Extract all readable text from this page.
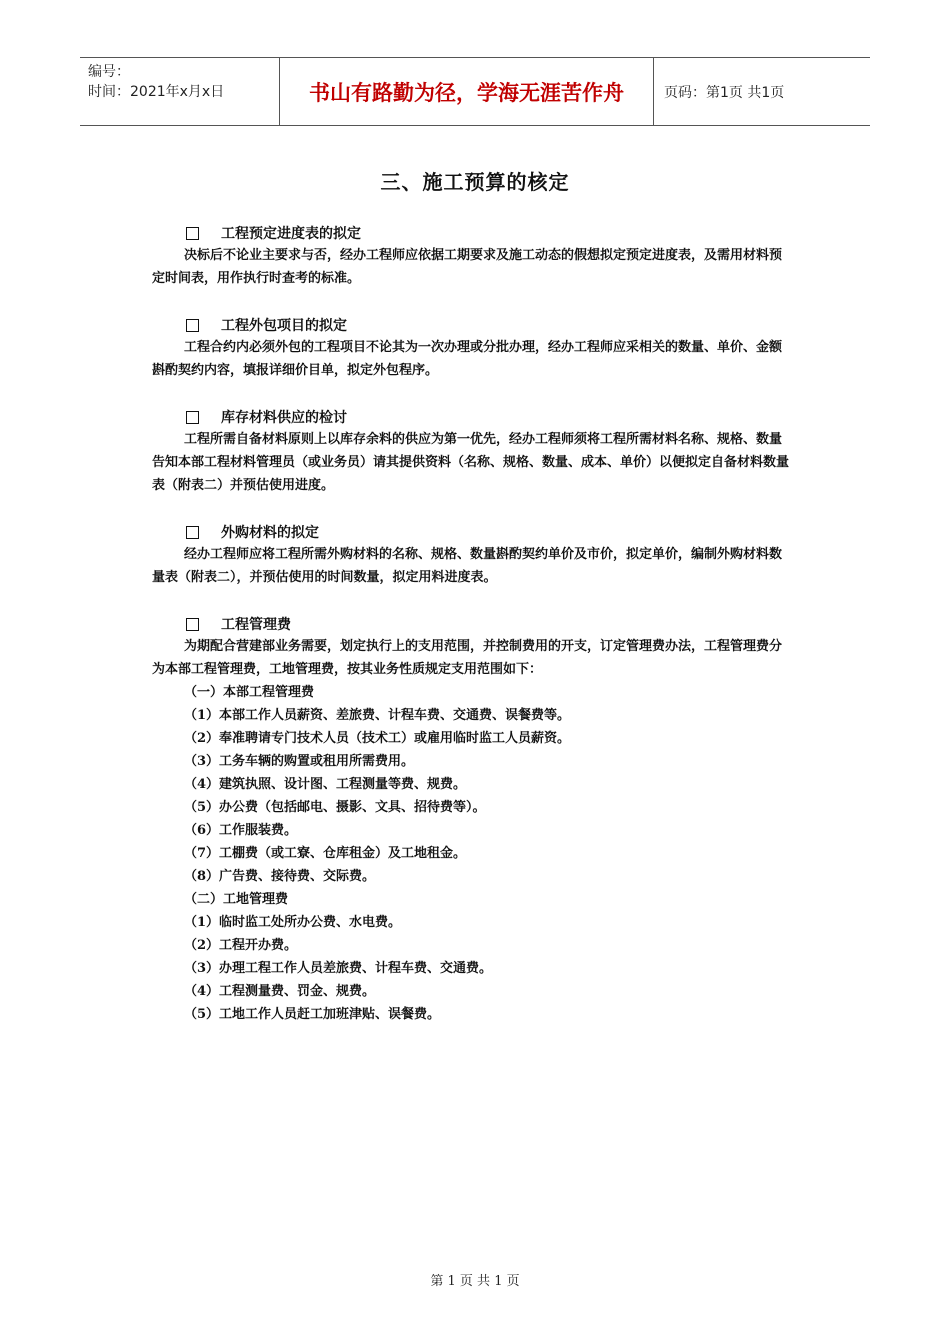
编号：
时间：2021年x月x日	书山有路勤为径，学海无涯苦作舟	页码：第1页 共1页
三、施工预算的核定
工程预定进度表的拟定
决标后不论业主要求与否，经办工程师应依据工期要求及施工动态的假想拟定预定进度表，及需用材料预定时间表，用作执行时查考的标准。
工程外包项目的拟定
工程合约内必须外包的工程项目不论其为一次办理或分批办理，经办工程师应采相关的数量、单价、金额斟酌契约内容，填报详细价目单，拟定外包程序。
库存材料供应的检讨
工程所需自备材料原则上以库存余料的供应为第一优先，经办工程师须将工程所需材料名称、规格、数量告知本部工程材料管理员（或业务员）请其提供资料（名称、规格、数量、成本、单价）以便拟定自备材料数量表（附表二）并预估使用进度。
外购材料的拟定
经办工程师应将工程所需外购材料的名称、规格、数量斟酌契约单价及市价，拟定单价，编制外购材料数量表（附表二），并预估使用的时间数量，拟定用料进度表。
工程管理费
为期配合营建部业务需要，划定执行上的支用范围，并控制费用的开支，订定管理费办法，工程管理费分为本部工程管理费，工地管理费，按其业务性质规定支用范围如下：
（一）本部工程管理费
（1）本部工作人员薪资、差旅费、计程车费、交通费、误餐费等。
（2）奉准聘请专门技术人员（技术工）或雇用临时监工人员薪资。
（3）工务车辆的购置或租用所需费用。
（4）建筑执照、设计图、工程测量等费、规费。
（5）办公费（包括邮电、摄影、文具、招待费等）。
（6）工作服装费。
（7）工棚费（或工寮、仓库租金）及工地租金。
（8）广告费、接待费、交际费。
（二）工地管理费
（1）临时监工处所办公费、水电费。
（2）工程开办费。
（3）办理工程工作人员差旅费、计程车费、交通费。
（4）工程测量费、罚金、规费。
（5）工地工作人员赶工加班津贴、误餐费。
第 1 页 共 1 页
